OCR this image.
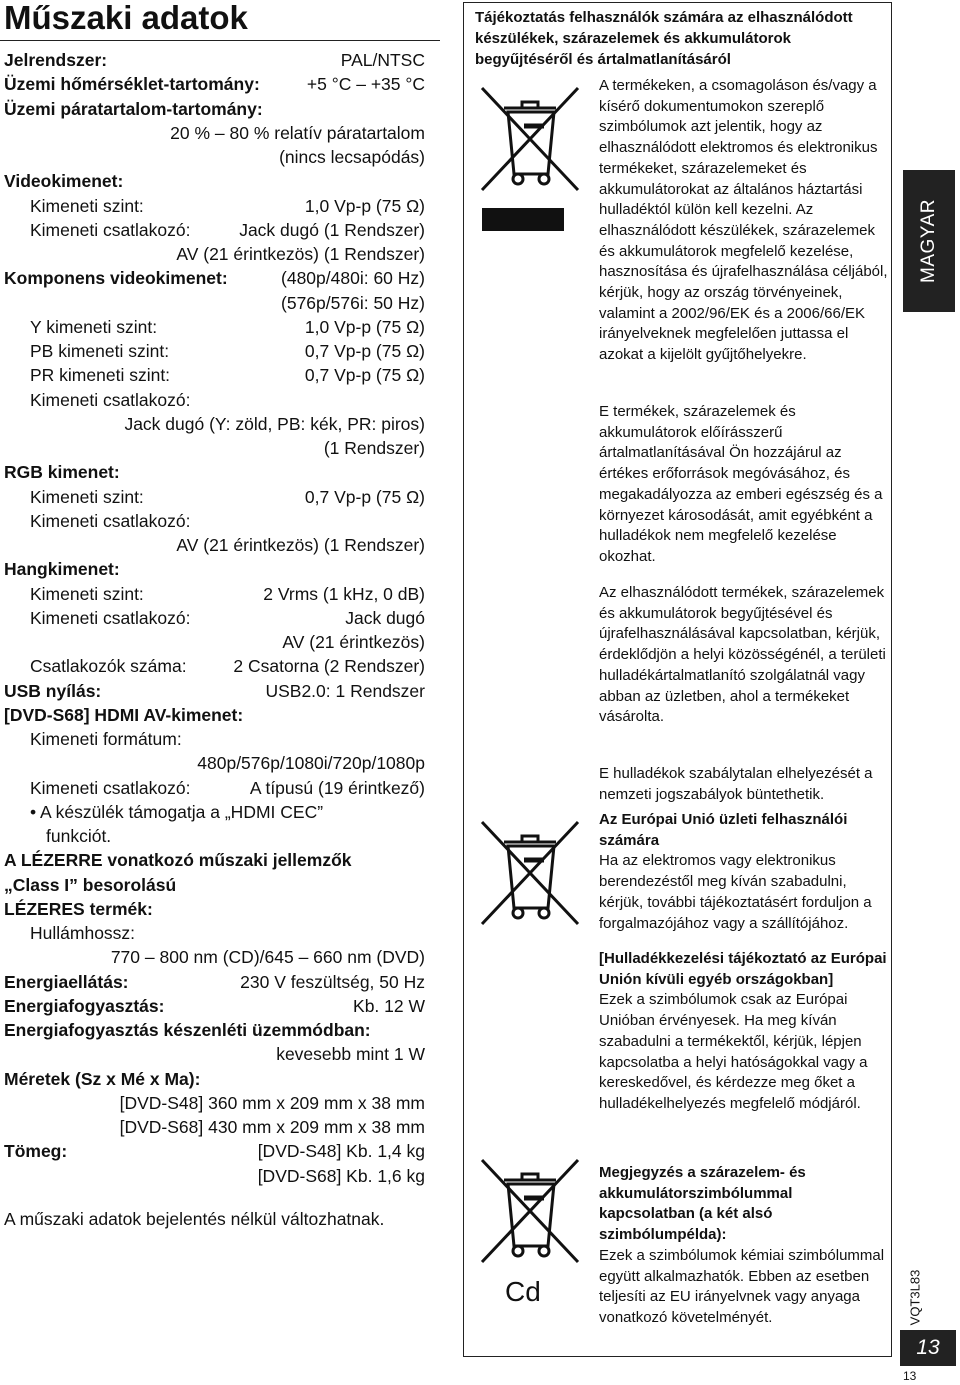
Műszaki adatok
Jelrendszer:	PAL/NTSC
Üzemi hőmérséklet-tartomány:	+5 °C – +35 °C
Üzemi páratartalom-tartomány:
20 % – 80 % relatív páratartalom
(nincs lecsapódás)
Videokimenet:
Kimeneti szint:	1,0 Vp-p (75 Ω)
Kimeneti csatlakozó:	Jack dugó (1 Rendszer)
AV (21 érintkezös) (1 Rendszer)
Komponens videokimenet:	(480p/480i: 60 Hz)
(576p/576i: 50 Hz)
Y kimeneti szint:	1,0 Vp-p (75 Ω)
PB kimeneti szint:	0,7 Vp-p (75 Ω)
PR kimeneti szint:	0,7 Vp-p (75 Ω)
Kimeneti csatlakozó:
Jack dugó (Y: zöld, PB: kék, PR: piros)
(1 Rendszer)
RGB kimenet:
Kimeneti szint:	0,7 Vp-p (75 Ω)
Kimeneti csatlakozó:
AV (21 érintkezös) (1 Rendszer)
Hangkimenet:
Kimeneti szint:	2 Vrms (1 kHz, 0 dB)
Kimeneti csatlakozó:	Jack dugó
AV (21 érintkezös)
Csatlakozók száma:	2 Csatorna (2 Rendszer)
USB nyílás:	USB2.0: 1 Rendszer
[DVD-S68] HDMI AV-kimenet:
Kimeneti formátum:
480p/576p/1080i/720p/1080p
Kimeneti csatlakozó:	A típusú (19 érintkező)
• A készülék támogatja a „HDMI CEC”
funkciót.
A LÉZERRE vonatkozó műszaki jellemzők
„Class I” besorolású
LÉZERES termék:
Hullámhossz:
770 – 800 nm (CD)/645 – 660 nm (DVD)
Energiaellátás:	230 V feszültség, 50 Hz
Energiafogyasztás:	Kb. 12 W
Energiafogyasztás készenléti üzemmódban:
kevesebb mint 1 W
Méretek (Sz x Mé x Ma):
[DVD-S48] 360 mm x 209 mm x 38 mm
[DVD-S68] 430 mm x 209 mm x 38 mm
Tömeg:	[DVD-S48] Kb. 1,4 kg
[DVD-S68] Kb. 1,6 kg
A műszaki adatok bejelentés nélkül változhatnak.
Tájékoztatás felhasználók számára az elhasználódott készülékek, szárazelemek és akkumulátorok begyűjtéséről és ártalmatlanításáról
Cd
A termékeken, a csomagoláson és/vagy a kísérő dokumentumokon szereplő szimbólumok azt jelentik, hogy az elhasználódott elektromos és elektronikus termékeket, szárazelemeket és akkumulátorokat az általános háztartási hulladéktól külön kell kezelni. Az elhasználódott készülékek, szárazelemek és akkumulátorok megfelelő kezelése, hasznosítása és újrafelhasználása céljából, kérjük, hogy az ország törvényeinek, valamint a 2002/96/EK és a 2006/66/EK irányelveknek megfelelően juttassa el azokat a kijelölt gyűjtőhelyekre.
E termékek, szárazelemek és akkumulátorok előírásszerű ártalmatlanításával Ön hozzájárul az értékes erőforrások megóvásához, és megakadályozza az emberi egészség és a környezet károsodását, amit egyébként a hulladékok nem megfelelő kezelése okozhat.
Az elhasználódott termékek, szárazelemek és akkumulátorok begyűjtésével és újrafelhasználásával kapcsolatban, kérjük, érdeklődjön a helyi közösségénél, a területi hulladékártalmatlanító szolgálatnál vagy abban az üzletben, ahol a termékeket vásárolta.
E hulladékok szabálytalan elhelyezését a nemzeti jogszabályok büntethetik.
Az Európai Unió üzleti felhasználói számára
Ha az elektromos vagy elektronikus berendezéstől meg kíván szabadulni, kérjük, további tájékoztatásért forduljon a forgalmazójához vagy a szállítójához.
[Hulladékkezelési tájékoztató az Európai Unión kívüli egyéb országokban]
Ezek a szimbólumok csak az Európai Unióban érvényesek. Ha meg kíván szabadulni a termékektől, kérjük, lépjen kapcsolatba a helyi hatóságokkal vagy a kereskedővel, és kérdezze meg őket a hulladékelhelyezés megfelelő módjáról.
Megjegyzés a szárazelem- és akkumulátorszimbólummal kapcsolatban (a két alsó szimbólumpélda):
Ezek a szimbólumok kémiai szimbólummal együtt alkalmazhatók. Ebben az esetben teljesíti az EU irányelvnek vagy anyaga vonatkozó követelményét.
MAGYAR
VQT3L83
13
13
